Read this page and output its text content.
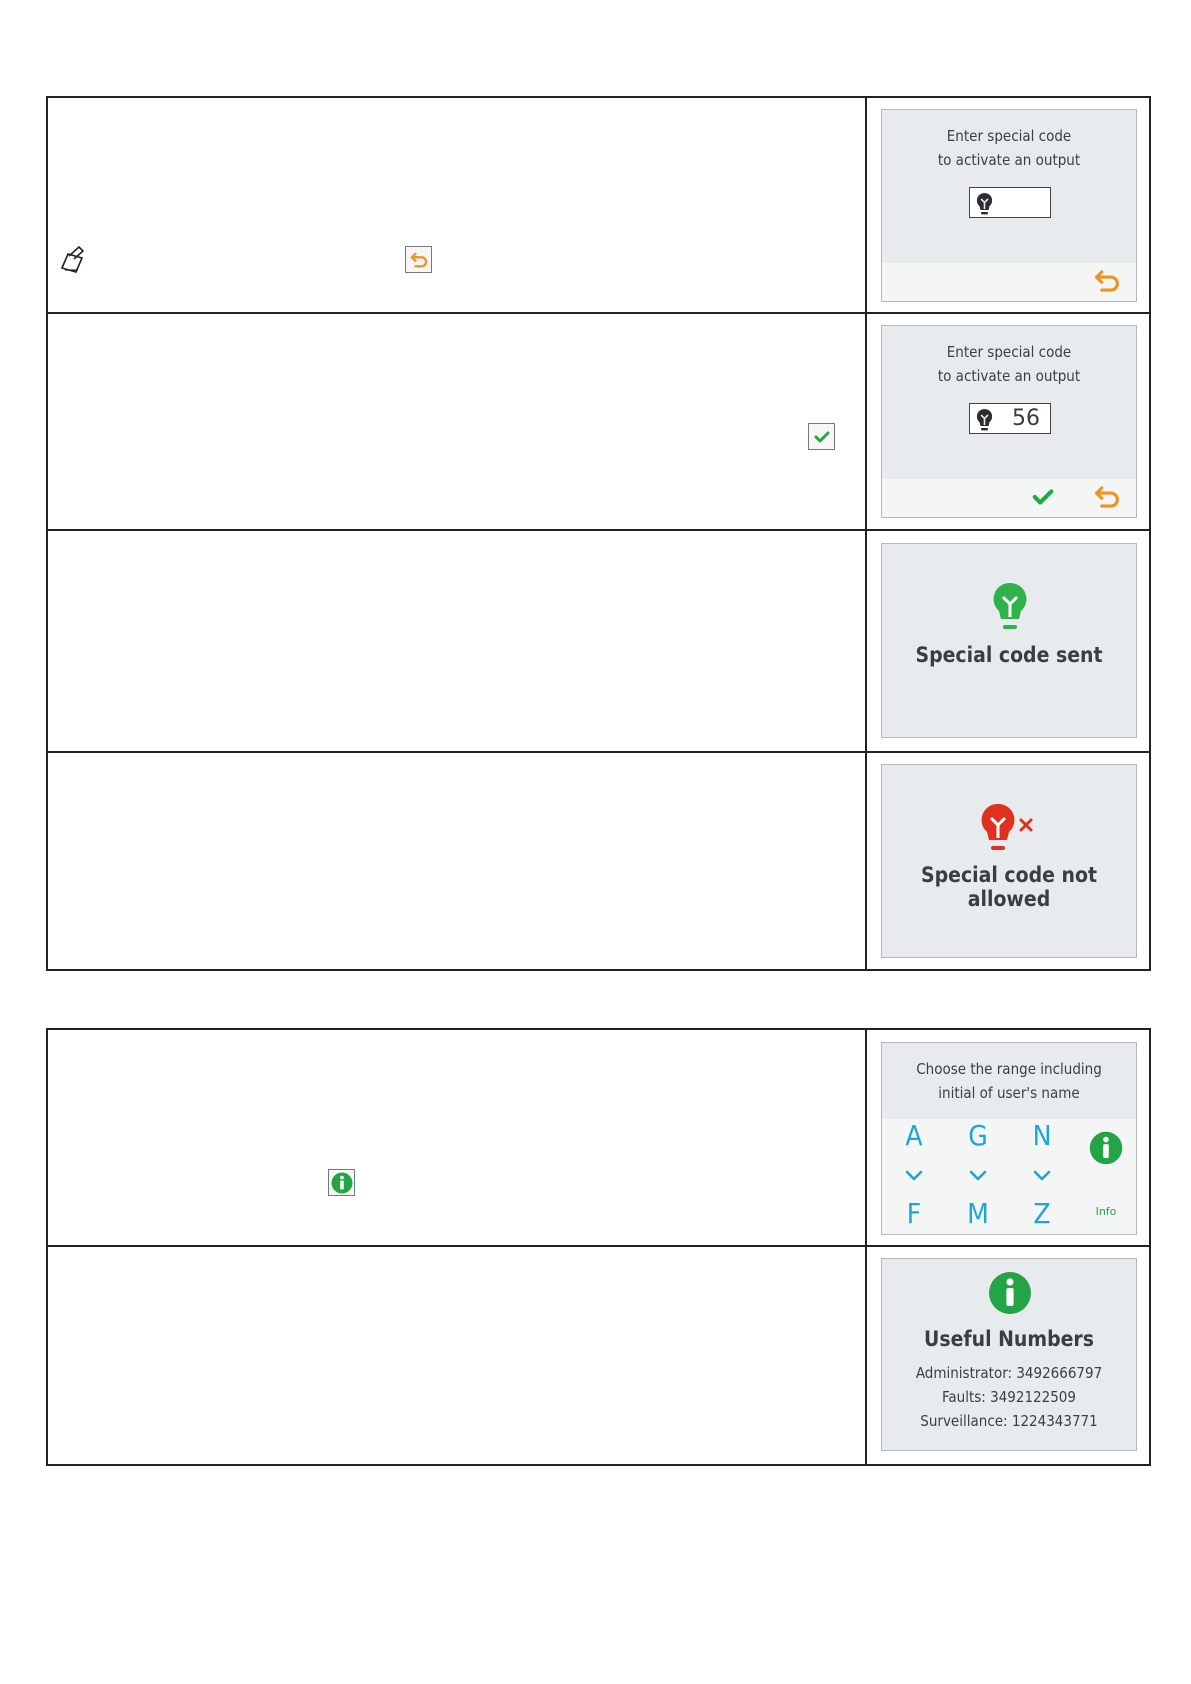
Enter special code
to activate an output
Enter special code
to activate an output
56
Special code sent
Special code not allowed
Choose the range including
initial of user's name
A
F
G
M
N
Z	Info
Useful Numbers
Administrator: 3492666797
Faults: 3492122509
Surveillance: 1224343771
